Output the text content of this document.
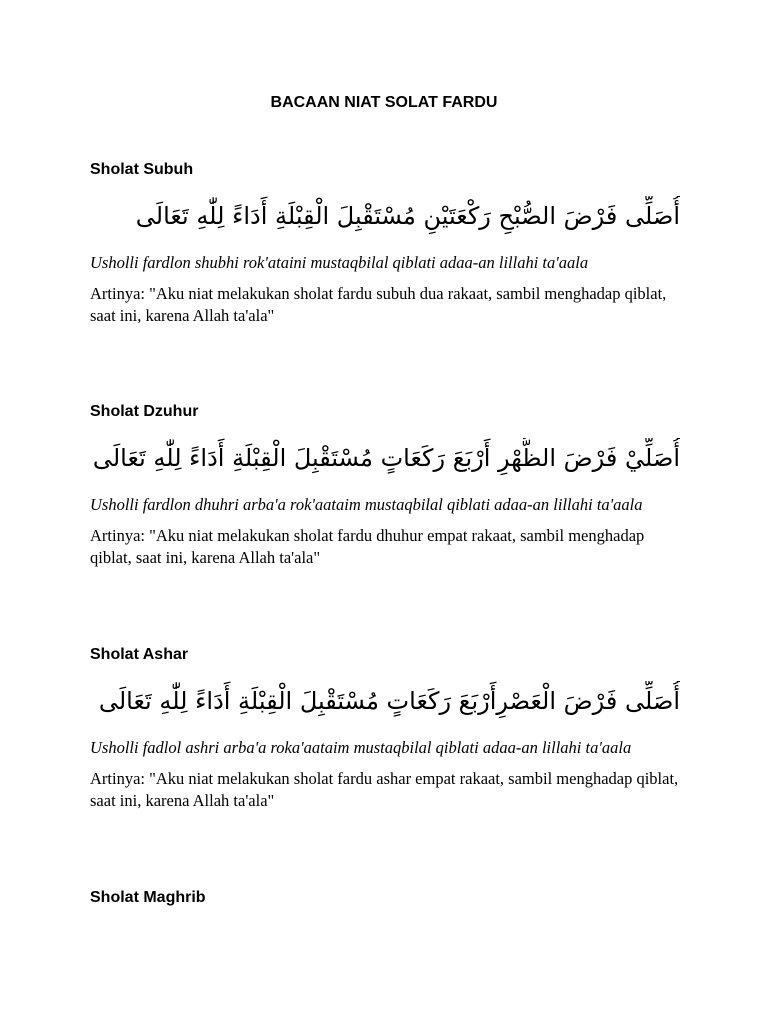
BACAAN NIAT SOLAT FARDU
Sholat Subuh

أُصَلِّى فَرْضَ الصُّبْحِ رَكْعَتَيْنِ مُسْتَقْبِلَ الْقِبْلَةِ أَدَاءً لِلّٰهِ تَعَالَى

Usholli fardlon shubhi rok'ataini mustaqbilal qiblati adaa-an lillahi ta'aala

Artinya: "Aku niat melakukan sholat fardu subuh dua rakaat, sambil menghadap qiblat, saat ini, karena Allah ta'ala"

Sholat Dzuhur

أُصَلِّيْ فَرْضَ الظُّهْرِ أَرْبَعَ رَكَعَاتٍ مُسْتَقْبِلَ الْقِبْلَةِ أَدَاءً لِلّٰهِ تَعَالَى

Usholli fardlon dhuhri arba'a rok'aataim mustaqbilal qiblati adaa-an lillahi ta'aala

Artinya: "Aku niat melakukan sholat fardu dhuhur empat rakaat, sambil menghadap qiblat, saat ini, karena Allah ta'ala"

Sholat Ashar

أُصَلِّى فَرْضَ الْعَصْرِأَرْبَعَ رَكَعَاتٍ مُسْتَقْبِلَ الْقِبْلَةِ أَدَاءً لِلّٰهِ تَعَالَى

Usholli fadlol ashri arba'a roka'aataim mustaqbilal qiblati adaa-an lillahi ta'aala

Artinya: "Aku niat melakukan sholat fardu ashar empat rakaat, sambil menghadap qiblat, saat ini, karena Allah ta'ala"

Sholat Maghrib
